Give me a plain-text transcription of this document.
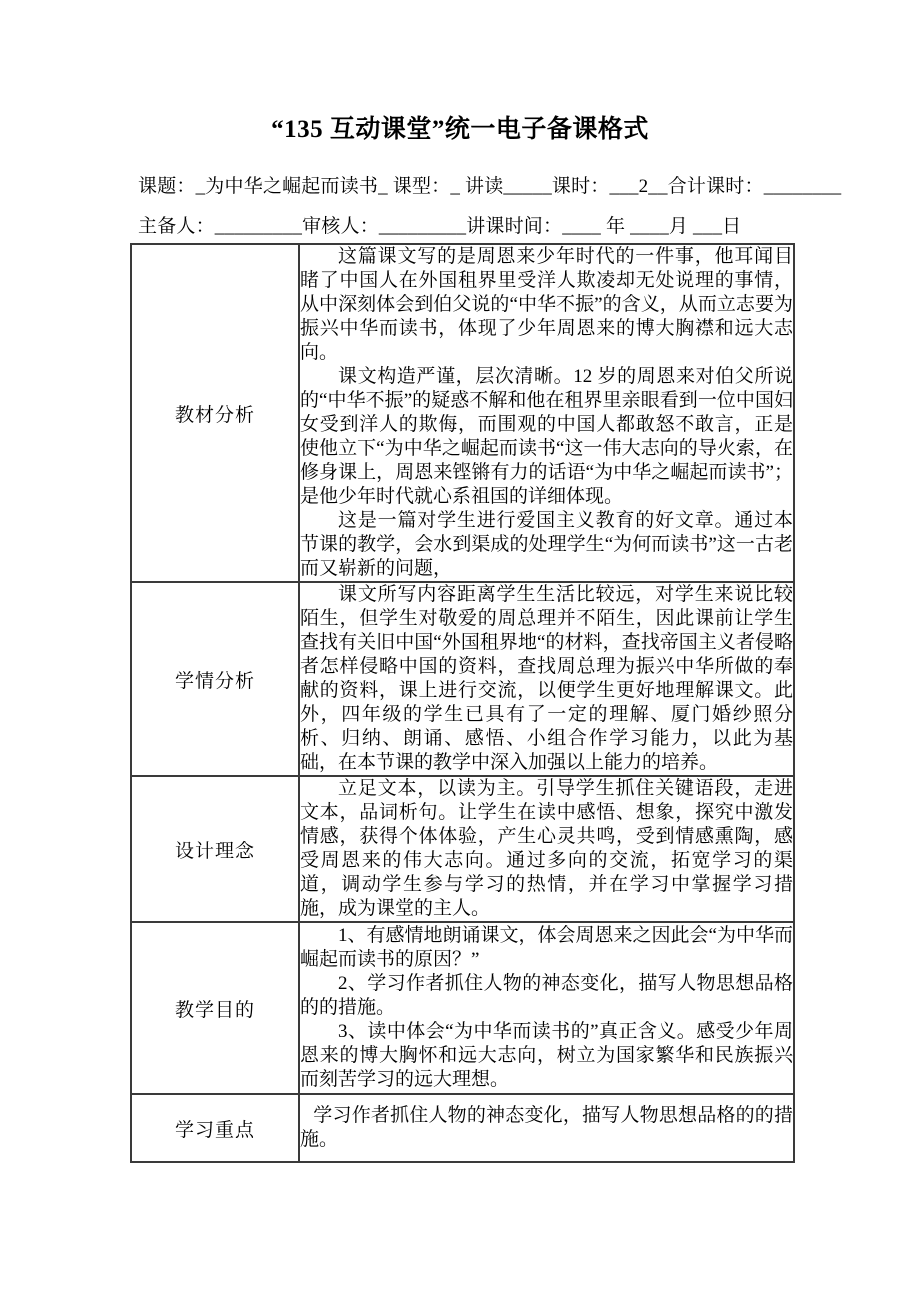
“135 互动课堂”统一电子备课格式
课题：_为中华之崛起而读书_ 课型：_ 讲读_____课时：___2__合计课时：________
主备人：_________审核人：_________讲课时间：____ 年 ____月 ___日
教材分析	这篇课文写的是周恩来少年时代的一件事，他耳闻目睹了中国人在外国租界里受洋人欺凌却无处说理的事情，从中深刻体会到伯父说的“中华不振”的含义，从而立志要为振兴中华而读书，体现了少年周恩来的博大胸襟和远大志向。

课文构造严谨，层次清晰。12 岁的周恩来对伯父所说的“中华不振”的疑惑不解和他在租界里亲眼看到一位中国妇女受到洋人的欺侮，而围观的中国人都敢怒不敢言，正是使他立下“为中华之崛起而读书“这一伟大志向的导火索，在修身课上，周恩来铿锵有力的话语“为中华之崛起而读书”；是他少年时代就心系祖国的详细体现。

这是一篇对学生进行爱国主义教育的好文章。通过本节课的教学，会水到渠成的处理学生“为何而读书”这一古老而又崭新的问题，

学情分析	课文所写内容距离学生生活比较远，对学生来说比较陌生，但学生对敬爱的周总理并不陌生，因此课前让学生查找有关旧中国“外国租界地“的材料，查找帝国主义者侵略者怎样侵略中国的资料，查找周总理为振兴中华所做的奉献的资料，课上进行交流，以便学生更好地理解课文。此外，四年级的学生已具有了一定的理解、厦门婚纱照分析、归纳、朗诵、感悟、小组合作学习能力，以此为基础，在本节课的教学中深入加强以上能力的培养。

设计理念	立足文本，以读为主。引导学生抓住关键语段，走进文本，品词析句。让学生在读中感悟、想象，探究中激发情感，获得个体体验，产生心灵共鸣，受到情感熏陶，感受周恩来的伟大志向。通过多向的交流，拓宽学习的渠道，调动学生参与学习的热情，并在学习中掌握学习措施，成为课堂的主人。

教学目的	1、有感情地朗诵课文，体会周恩来之因此会“为中华而崛起而读书的原因？”

2、学习作者抓住人物的神态变化，描写人物思想品格的的措施。

3、读中体会“为中华而读书的”真正含义。感受少年周恩来的博大胸怀和远大志向，树立为国家繁华和民族振兴而刻苦学习的远大理想。

学习重点	学习作者抓住人物的神态变化，描写人物思想品格的的措施。
